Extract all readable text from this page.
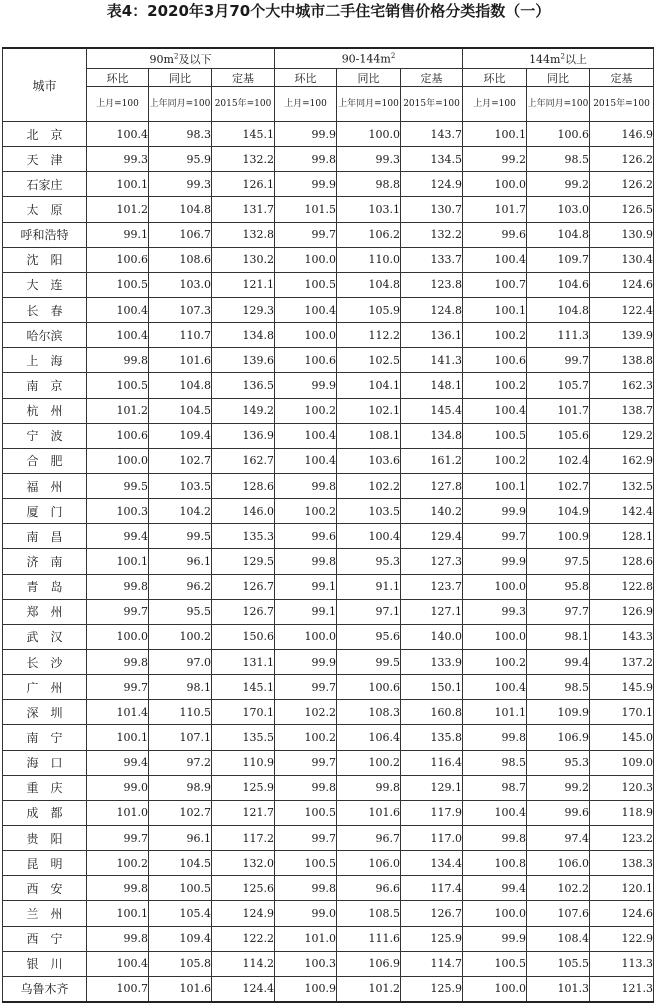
表4：2020年3月70个大中城市二手住宅销售价格分类指数（一）
城市	$90m^2$及以下			$90-144m^2$			$144m^2$以上		
	环比	同比	定基	环比	同比	定基	环比	同比	定基
	上月=100	上年同月=100	2015年=100	上月=100	上年同月=100	2015年=100	上月=100	上年同月=100	2015年=100
北　京	100.4	98.3	145.1	99.9	100.0	143.7	100.1	100.6	146.9
天　津	99.3	95.9	132.2	99.8	99.3	134.5	99.2	98.5	126.2
石家庄	100.1	99.3	126.1	99.9	98.8	124.9	100.0	99.2	126.2
太　原	101.2	104.8	131.7	101.5	103.1	130.7	101.7	103.0	126.5
呼和浩特	99.1	106.7	132.8	99.7	106.2	132.2	99.6	104.8	130.9
沈　阳	100.6	108.6	130.2	100.0	110.0	133.7	100.4	109.7	130.4
大　连	100.5	103.0	121.1	100.5	104.8	123.8	100.7	104.6	124.6
长　春	100.4	107.3	129.3	100.4	105.9	124.8	100.1	104.8	122.4
哈尔滨	100.4	110.7	134.8	100.0	112.2	136.1	100.2	111.3	139.9
上　海	99.8	101.6	139.6	100.6	102.5	141.3	100.6	99.7	138.8
南　京	100.5	104.8	136.5	99.9	104.1	148.1	100.2	105.7	162.3
杭　州	101.2	104.5	149.2	100.2	102.1	145.4	100.4	101.7	138.7
宁　波	100.6	109.4	136.9	100.4	108.1	134.8	100.5	105.6	129.2
合　肥	100.0	102.7	162.7	100.4	103.6	161.2	100.2	102.4	162.9
福　州	99.5	103.5	128.6	99.8	102.2	127.8	100.1	102.7	132.5
厦　门	100.3	104.2	146.0	100.2	103.5	140.2	99.9	104.9	142.4
南　昌	99.4	99.5	135.3	99.6	100.4	129.4	99.7	100.9	128.1
济　南	100.1	96.1	129.5	99.8	95.3	127.3	99.9	97.5	128.6
青　岛	99.8	96.2	126.7	99.1	91.1	123.7	100.0	95.8	122.8
郑　州	99.7	95.5	126.7	99.1	97.1	127.1	99.3	97.7	126.9
武　汉	100.0	100.2	150.6	100.0	95.6	140.0	100.0	98.1	143.3
长　沙	99.8	97.0	131.1	99.9	99.5	133.9	100.2	99.4	137.2
广　州	99.7	98.1	145.1	99.7	100.6	150.1	100.4	98.5	145.9
深　圳	101.4	110.5	170.1	102.2	108.3	160.8	101.1	109.9	170.1
南　宁	100.1	107.1	135.5	100.2	106.4	135.8	99.8	106.9	145.0
海　口	99.4	97.2	110.9	99.7	100.2	116.4	98.5	95.3	109.0
重　庆	99.0	98.9	125.9	99.8	99.8	129.1	98.7	99.2	120.3
成　都	101.0	102.7	121.7	100.5	101.6	117.9	100.4	99.6	118.9
贵　阳	99.7	96.1	117.2	99.7	96.7	117.0	99.8	97.4	123.2
昆　明	100.2	104.5	132.0	100.5	106.0	134.4	100.8	106.0	138.3
西　安	99.8	100.5	125.6	99.8	96.6	117.4	99.4	102.2	120.1
兰　州	100.1	105.4	124.9	99.0	108.5	126.7	100.0	107.6	124.6
西　宁	99.8	109.4	122.2	101.0	111.6	125.9	99.9	108.4	122.9
银　川	100.4	105.8	114.2	100.3	106.9	114.7	100.5	105.5	113.3
乌鲁木齐	100.7	101.6	124.4	100.9	101.2	125.9	100.0	101.3	121.3
